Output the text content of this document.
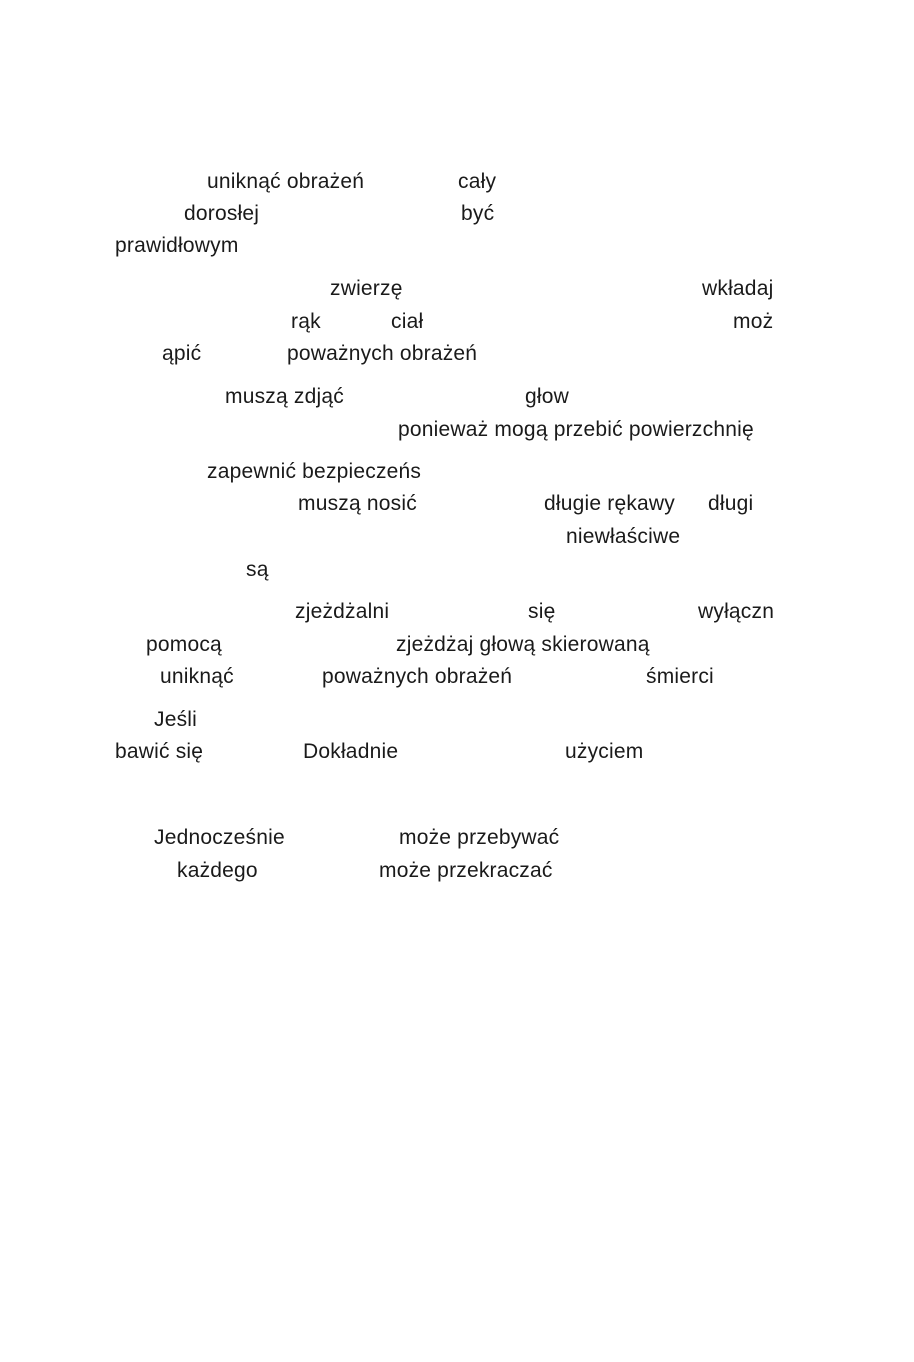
uniknąć obrażeń	cały
dorosłej	być
prawidłowym
zwierzę	wkładaj
rąk	ciał	moż
ąpić	poważnych obrażeń
muszą zdjąć	głow
ponieważ mogą przebić powierzchnię
zapewnić bezpieczeńs
muszą nosić	długie rękawy długi
niewłaściwe
są
zjeżdżalni	się	wyłączn
pomocą	zjeżdżaj głową skierowaną
uniknąć	poważnych obrażeń	śmierci
Jeśli
bawić się	Dokładnie	użyciem
Jednocześnie	może przebywać
każdego	może przekraczać
